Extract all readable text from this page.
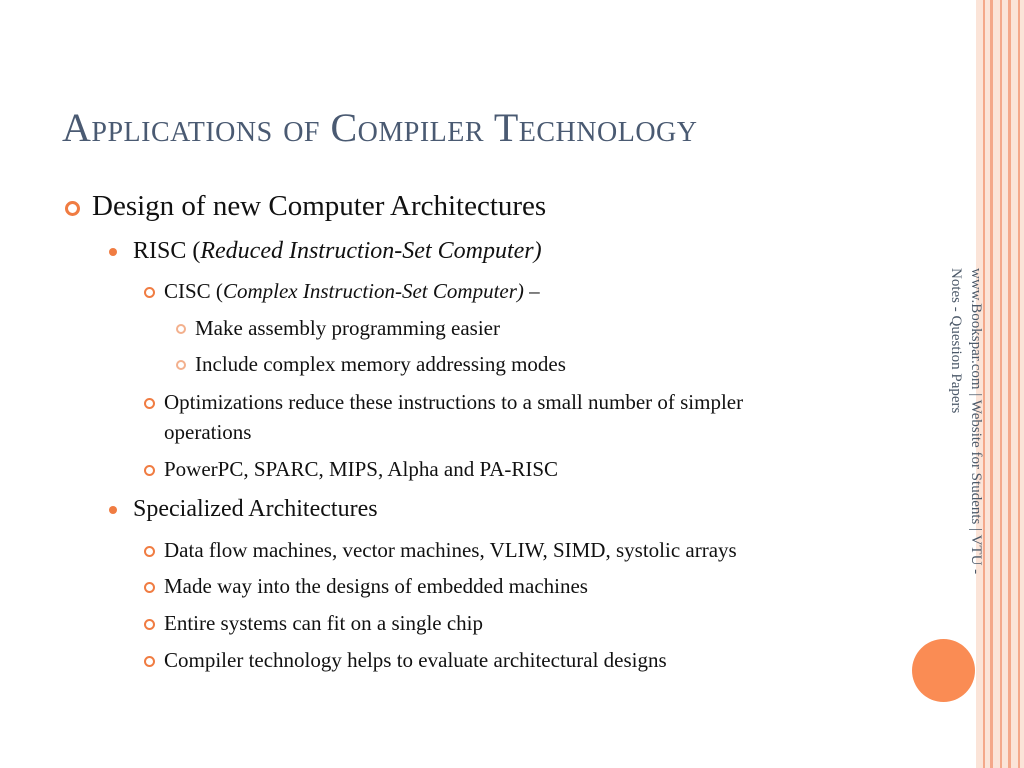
www.Bookspar.com | Website for Students | VTU - Notes - Question Papers
Applications of Compiler Technology
Design of new Computer Architectures
RISC (Reduced Instruction-Set Computer)
CISC (Complex Instruction-Set Computer) –
Make assembly programming easier
Include complex memory addressing modes
Optimizations reduce these instructions to a small number of simpler
operations
PowerPC, SPARC, MIPS, Alpha and PA-RISC
Specialized Architectures
Data flow machines, vector machines, VLIW, SIMD, systolic arrays
Made way into the designs of embedded machines
Entire systems can fit on a single chip
Compiler technology helps to evaluate architectural designs
